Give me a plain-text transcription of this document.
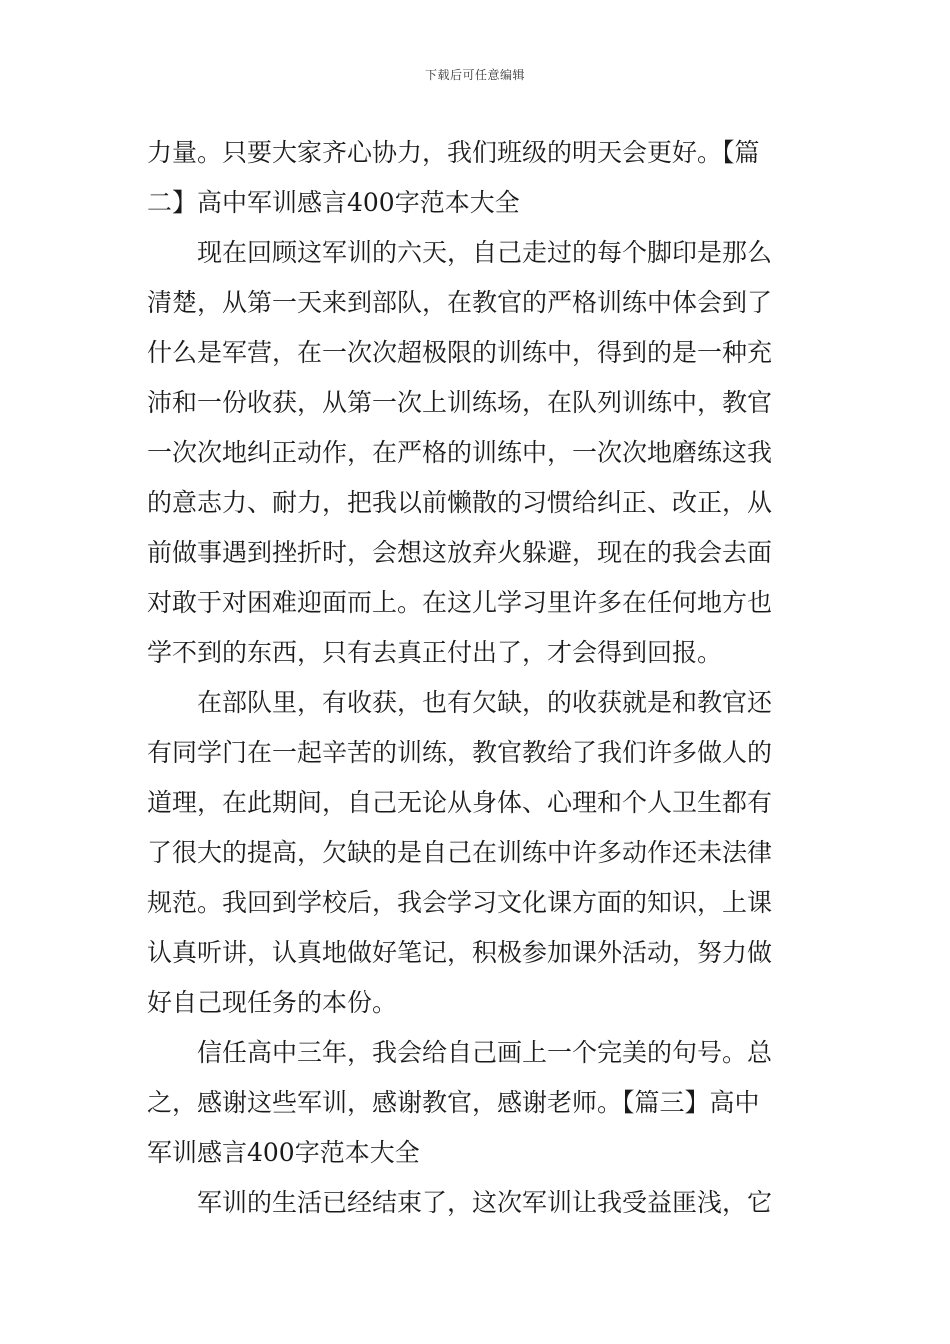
下载后可任意编辑
力量。只要大家齐心协力，我们班级的明天会更好。【篇
二】高中军训感言400字范本大全
现在回顾这军训的六天，自己走过的每个脚印是那么
清楚，从第一天来到部队，在教官的严格训练中体会到了
什么是军营，在一次次超极限的训练中，得到的是一种充
沛和一份收获，从第一次上训练场，在队列训练中，教官
一次次地纠正动作，在严格的训练中，一次次地磨练这我
的意志力、耐力，把我以前懒散的习惯给纠正、改正，从
前做事遇到挫折时，会想这放弃火躲避，现在的我会去面
对敢于对困难迎面而上。在这儿学习里许多在任何地方也
学不到的东西，只有去真正付出了，才会得到回报。
在部队里，有收获，也有欠缺，的收获就是和教官还
有同学门在一起辛苦的训练，教官教给了我们许多做人的
道理，在此期间，自己无论从身体、心理和个人卫生都有
了很大的提高，欠缺的是自己在训练中许多动作还未法律
规范。我回到学校后，我会学习文化课方面的知识，上课
认真听讲，认真地做好笔记，积极参加课外活动，努力做
好自己现任务的本份。
信任高中三年，我会给自己画上一个完美的句号。总
之，感谢这些军训，感谢教官，感谢老师。【篇三】高中
军训感言400字范本大全
军训的生活已经结束了，这次军训让我受益匪浅，它
